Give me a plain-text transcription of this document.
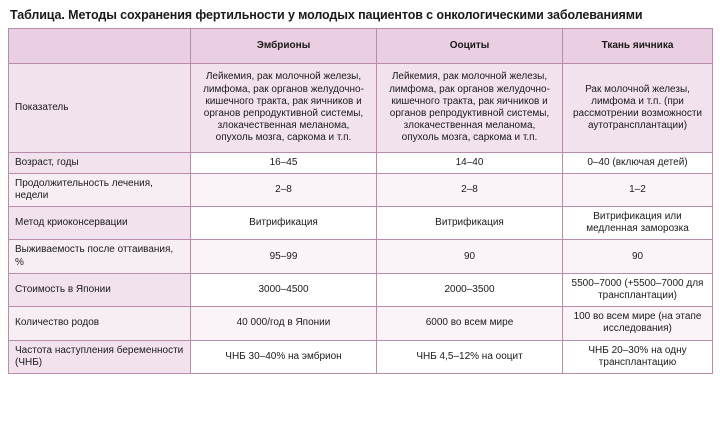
Таблица. Методы сохранения фертильности у молодых пациентов с онкологическими заболеваниями
	Эмбрионы	Ооциты	Ткань яичника
Показатель	Лейкемия, рак молочной железы, лимфома, рак органов желудочно-кишечного тракта, рак яичников и органов репродуктивной системы, злокачественная меланома, опухоль мозга, саркома и т.п.	Лейкемия, рак молочной железы, лимфома, рак органов желудочно-кишечного тракта, рак яичников и органов репродуктивной системы, злокачественная меланома, опухоль мозга, саркома и т.п.	Рак молочной железы, лимфома и т.п. (при рассмотрении возможности аутотрансплантации)
Возраст, годы	16–45	14–40	0–40 (включая детей)
Продолжительность лечения, недели	2–8	2–8	1–2
Метод криоконсервации	Витрификация	Витрификация	Витрификация или медленная заморозка
Выживаемость после оттаивания, %	95–99	90	90
Стоимость в Японии	3000–4500	2000–3500	5500–7000 (+5500–7000 для трансплантации)
Количество родов	40 000/год в Японии	6000 во всем мире	100 во всем мире (на этапе исследования)
Частота наступления беременности (ЧНБ)	ЧНБ 30–40% на эмбрион	ЧНБ 4,5–12% на ооцит	ЧНБ 20–30% на одну трансплантацию
